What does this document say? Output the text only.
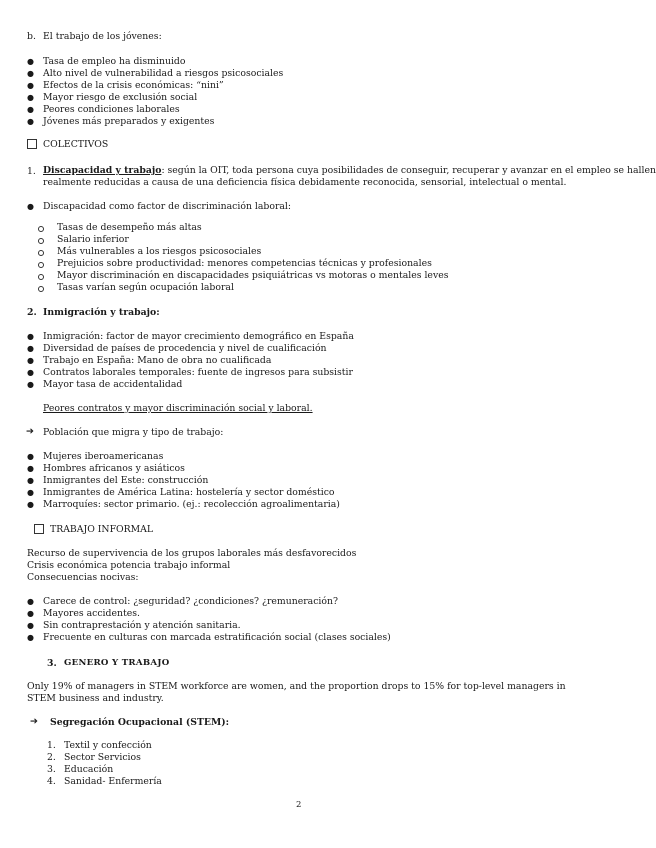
b. El trabajo de los jóvenes:
● Tasa de empleo ha disminuido
● Alto nivel de vulnerabilidad a riesgos psicosociales
● Efectos de la crisis económicas: “nini”
● Mayor riesgo de exclusión social
● Peores condiciones laborales
● Jóvenes más preparados y exigentes
COLECTIVOS
1. Discapacidad y trabajo: según la OIT, toda persona cuya posibilidades de conseguir, recuperar y avanzar en el empleo se hallen
realmente reducidas a causa de una deficiencia física debidamente reconocida, sensorial, intelectual o mental.
● Discapacidad como factor de discriminación laboral:
Tasas de desempeño más altas
Salario inferior
Más vulnerables a los riesgos psicosociales
Prejuicios sobre productividad: menores competencias técnicas y profesionales
Mayor discriminación en discapacidades psiquiátricas vs motoras o mentales leves
Tasas varían según ocupación laboral
2. Inmigración y trabajo:
● Inmigración: factor de mayor crecimiento demográfico en España
● Diversidad de países de procedencia y nivel de cualificación
● Trabajo en España: Mano de obra no cualificada
● Contratos laborales temporales: fuente de ingresos para subsistir
● Mayor tasa de accidentalidad
Peores contratos y mayor discriminación social y laboral.
➔ Población que migra y tipo de trabajo:
● Mujeres iberoamericanas
● Hombres africanos y asiáticos
● Inmigrantes del Este: construcción
● Inmigrantes de América Latina: hostelería y sector doméstico
● Marroquíes: sector primario. (ej.: recolección agroalimentaria)
TRABAJO INFORMAL
Recurso de supervivencia de los grupos laborales más desfavorecidos
Crisis económica potencia trabajo informal
Consecuencias nocivas:
● Carece de control: ¿seguridad? ¿condiciones? ¿remuneración?
● Mayores accidentes.
● Sin contraprestación y atención sanitaria.
● Frecuente en culturas con marcada estratificación social (clases sociales)
3. GENERO Y TRABAJO
Only 19% of managers in STEM workforce are women, and the proportion drops to 15% for top-level managers in STEM business and industry.
➔ Segregación Ocupacional (STEM):
1. Textil y confección
2. Sector Servicios
3. Educación
4. Sanidad- Enfermería
2
